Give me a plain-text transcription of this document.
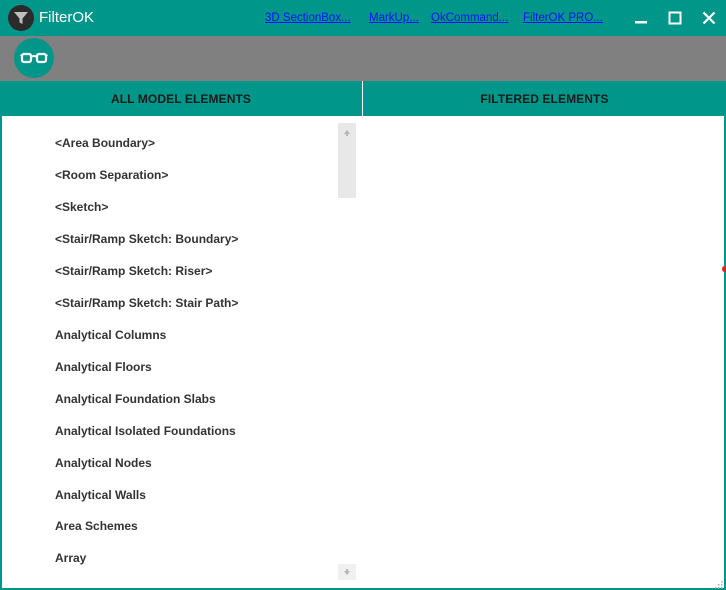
FilterOK	3D SectionBox... MarkUp... OkCommand... FilterOK PRO...
ALL MODEL ELEMENTS	FILTERED ELEMENTS
<Area Boundary>
<Room Separation>
<Sketch>
<Stair/Ramp Sketch: Boundary>
<Stair/Ramp Sketch: Riser>
<Stair/Ramp Sketch: Stair Path>
Analytical Columns
Analytical Floors
Analytical Foundation Slabs
Analytical Isolated Foundations
Analytical Nodes
Analytical Walls
Area Schemes
Array
